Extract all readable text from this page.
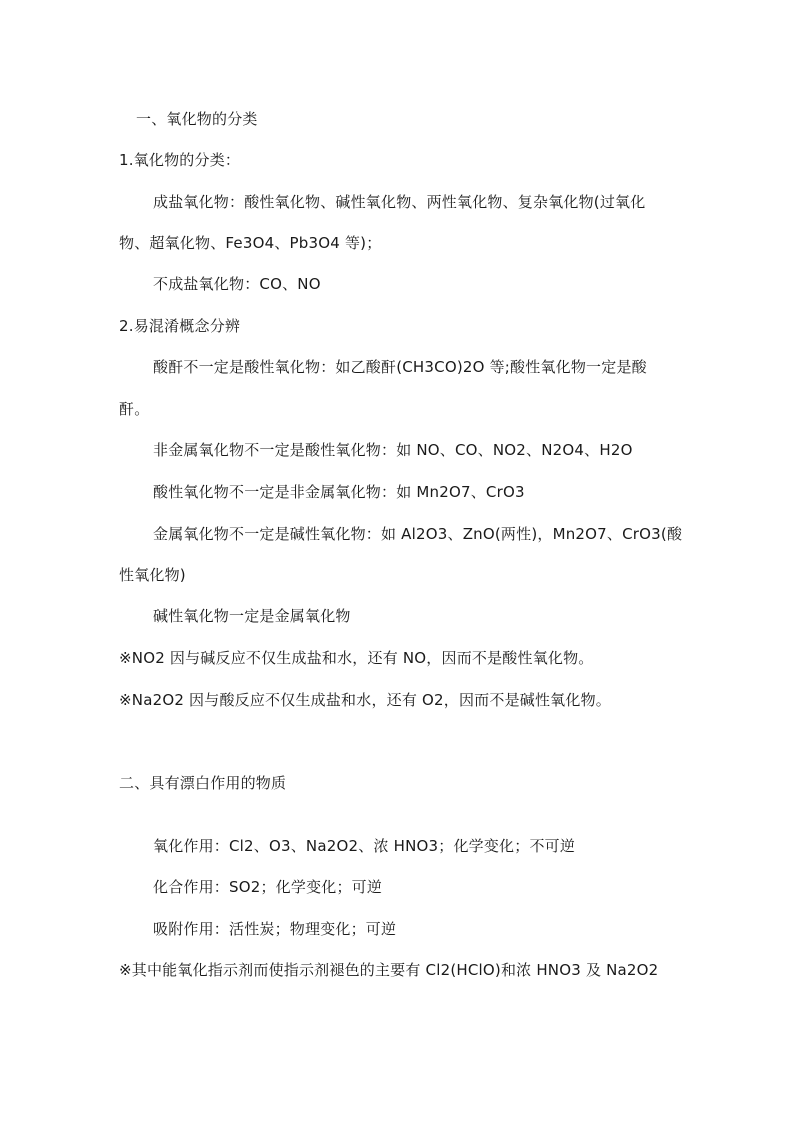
一、氧化物的分类
1.氧化物的分类：
成盐氧化物：酸性氧化物、碱性氧化物、两性氧化物、复杂氧化物(过氧化
物、超氧化物、Fe3O4、Pb3O4 等)；
不成盐氧化物：CO、NO
2.易混淆概念分辨
酸酐不一定是酸性氧化物：如乙酸酐(CH3CO)2O 等;酸性氧化物一定是酸
酐。
非金属氧化物不一定是酸性氧化物：如 NO、CO、NO2、N2O4、H2O
酸性氧化物不一定是非金属氧化物：如 Mn2O7、CrO3
金属氧化物不一定是碱性氧化物：如 Al2O3、ZnO(两性)，Mn2O7、CrO3(酸
性氧化物)
碱性氧化物一定是金属氧化物
※NO2 因与碱反应不仅生成盐和水，还有 NO，因而不是酸性氧化物。
※Na2O2 因与酸反应不仅生成盐和水，还有 O2，因而不是碱性氧化物。
二、具有漂白作用的物质
氧化作用：Cl2、O3、Na2O2、浓 HNO3；化学变化；不可逆
化合作用：SO2；化学变化；可逆
吸附作用：活性炭；物理变化；可逆
※其中能氧化指示剂而使指示剂褪色的主要有 Cl2(HClO)和浓 HNO3 及 Na2O2
